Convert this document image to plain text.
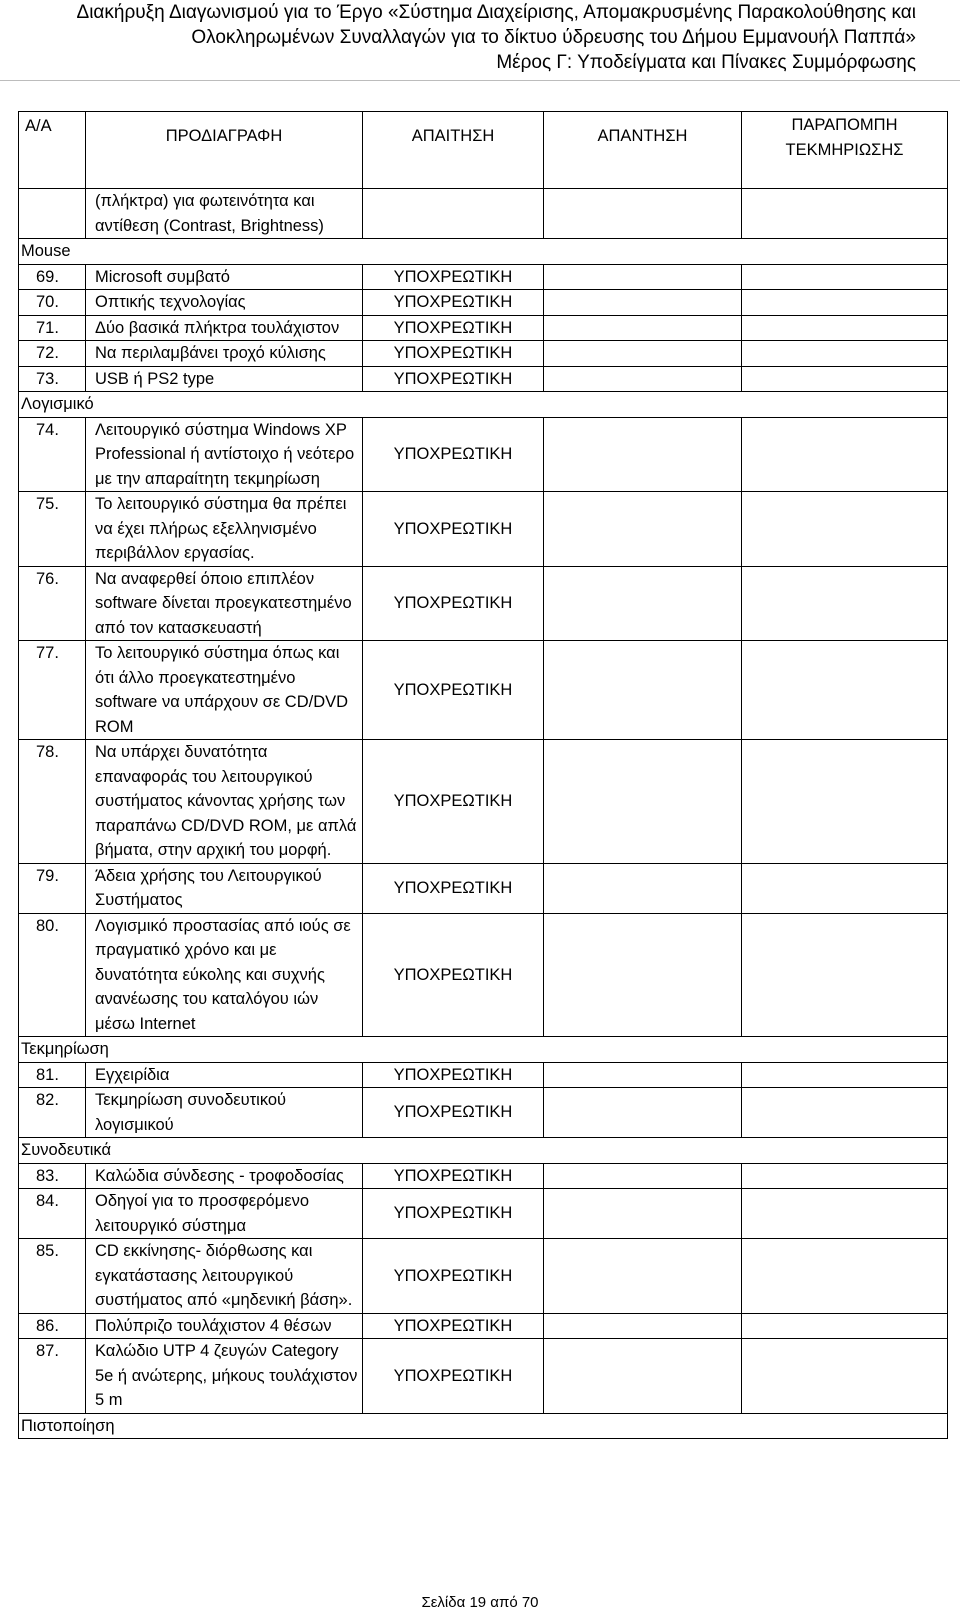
Διακήρυξη Διαγωνισμού για το Έργο «Σύστημα Διαχείρισης, Απομακρυσμένης Παρακολούθησης και
Ολοκληρωμένων Συναλλαγών για το δίκτυο ύδρευσης του Δήμου Εμμανουήλ Παππά»
Μέρος Γ: Υποδείγματα και Πίνακες Συμμόρφωσης
Α/Α	ΠΡΟΔΙΑΓΡΑΦΗ	ΑΠΑΙΤΗΣΗ	ΑΠΑΝΤΗΣΗ	ΠΑΡΑΠΟΜΠΗ
ΤΕΚΜΗΡΙΩΣΗΣ

	(πλήκτρα) για φωτεινότητα και αντίθεση (Contrast, Brightness)			
Mouse				
69.	Microsoft συμβατό	ΥΠΟΧΡΕΩΤΙΚΗ		
70.	Οπτικής τεχνολογίας	ΥΠΟΧΡΕΩΤΙΚΗ		
71.	Δύο βασικά πλήκτρα τουλάχιστον	ΥΠΟΧΡΕΩΤΙΚΗ		
72.	Να περιλαμβάνει τροχό κύλισης	ΥΠΟΧΡΕΩΤΙΚΗ		
73.	USB ή PS2 type	ΥΠΟΧΡΕΩΤΙΚΗ		
Λογισμικό				
74.	Λειτουργικό σύστημα Windows XP Professional ή αντίστοιχο ή νεότερο με την απαραίτητη τεκμηρίωση	ΥΠΟΧΡΕΩΤΙΚΗ		
75.	Το λειτουργικό σύστημα θα πρέπει να έχει πλήρως εξελληνισμένο περιβάλλον εργασίας.	ΥΠΟΧΡΕΩΤΙΚΗ		
76.	Να αναφερθεί όποιο επιπλέον software δίνεται προεγκατεστημένο από τον κατασκευαστή	ΥΠΟΧΡΕΩΤΙΚΗ		
77.	Το λειτουργικό σύστημα όπως και ότι άλλο προεγκατεστημένο software να υπάρχουν σε CD/DVD ROM	ΥΠΟΧΡΕΩΤΙΚΗ		
78.	Να υπάρχει δυνατότητα επαναφοράς του λειτουργικού συστήματος κάνοντας χρήσης των παραπάνω CD/DVD ROM, με απλά βήματα, στην αρχική του μορφή.	ΥΠΟΧΡΕΩΤΙΚΗ		
79.	Άδεια χρήσης του Λειτουργικού Συστήματος	ΥΠΟΧΡΕΩΤΙΚΗ		
80.	Λογισμικό προστασίας από ιούς σε πραγματικό χρόνο και με δυνατότητα εύκολης και συχνής ανανέωσης του καταλόγου ιών μέσω Internet	ΥΠΟΧΡΕΩΤΙΚΗ		
Τεκμηρίωση				
81.	Εγχειρίδια	ΥΠΟΧΡΕΩΤΙΚΗ		
82.	Τεκμηρίωση συνοδευτικού λογισμικού	ΥΠΟΧΡΕΩΤΙΚΗ		
Συνοδευτικά				
83.	Καλώδια σύνδεσης - τροφοδοσίας	ΥΠΟΧΡΕΩΤΙΚΗ		
84.	Οδηγοί για το προσφερόμενο λειτουργικό σύστημα	ΥΠΟΧΡΕΩΤΙΚΗ		
85.	CD εκκίνησης- διόρθωσης και εγκατάστασης λειτουργικού συστήματος από «μηδενική βάση».	ΥΠΟΧΡΕΩΤΙΚΗ		
86.	Πολύπριζο τουλάχιστον 4 θέσων	ΥΠΟΧΡΕΩΤΙΚΗ		
87.	Καλώδιο UTP 4 ζευγών Category 5e ή ανώτερης, μήκους τουλάχιστον 5 m	ΥΠΟΧΡΕΩΤΙΚΗ		
Πιστοποίηση				
Σελίδα 19 από 70
